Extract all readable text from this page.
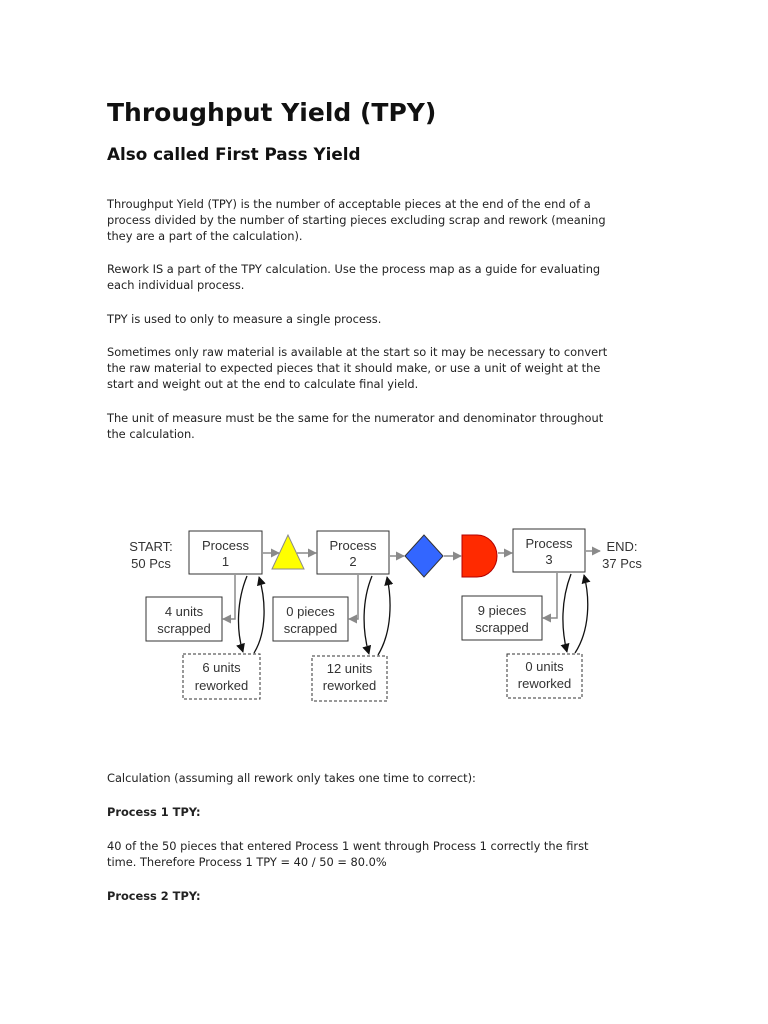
Throughput Yield (TPY)
Also called First Pass Yield
Throughput Yield (TPY) is the number of acceptable pieces at the end of the end of a
process divided by the number of starting pieces excluding scrap and rework (meaning
they are a part of the calculation).
Rework IS a part of the TPY calculation. Use the process map as a guide for evaluating
each individual process.
TPY is used to only to measure a single process.
Sometimes only raw material is available at the start so it may be necessary to convert
the raw material to expected pieces that it should make, or use a unit of weight at the
start and weight out at the end to calculate final yield.
The unit of measure must be the same for the numerator and denominator throughout
the calculation.
START:
50 Pcs
Process
1
Process
2
Process
3
END:
37 Pcs
4 units
scrapped
0 pieces
scrapped
9 pieces
scrapped
6 units
reworked
12 units
reworked
0 units
reworked
Calculation (assuming all rework only takes one time to correct):
Process 1 TPY:
40 of the 50 pieces that entered Process 1 went through Process 1 correctly the first
time. Therefore Process 1 TPY = 40 / 50 = 80.0%
Process 2 TPY:
